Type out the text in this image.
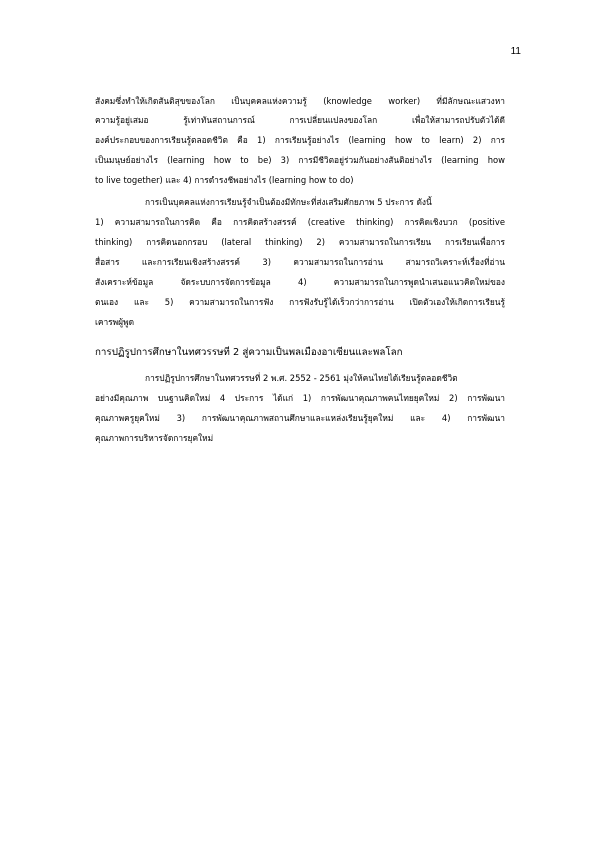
11
สังคมซึ่งทำให้เกิดสันติสุขของโลก เป็นบุคคลแห่งความรู้ (knowledge worker) ที่มีลักษณะแสวงหา
ความรู้อยู่เสมอ รู้เท่าทันสถานการณ์ การเปลี่ยนแปลงของโลก เพื่อให้สามารถปรับตัวได้ดี
องค์ประกอบของการเรียนรู้ตลอดชีวิต คือ 1) การเรียนรู้อย่างไร (learning how to learn) 2) การ
เป็นมนุษย์อย่างไร (learning how to be) 3) การมีชีวิตอยู่ร่วมกันอย่างสันติอย่างไร (learning how
to live together) และ 4) การดำรงชีพอย่างไร (learning how to do)
การเป็นบุคคลแห่งการเรียนรู้จำเป็นต้องมีทักษะที่ส่งเสริมศักยภาพ 5 ประการ ดังนี้
1) ความสามารถในการคิด คือ การคิดสร้างสรรค์ (creative thinking) การคิดเชิงบวก (positive
thinking) การคิดนอกกรอบ (lateral thinking) 2) ความสามารถในการเรียน การเรียนเพื่อการ
สื่อสาร และการเรียนเชิงสร้างสรรค์ 3) ความสามารถในการอ่าน สามารถวิเคราะห์เรื่องที่อ่าน
สังเคราะห์ข้อมูล จัดระบบการจัดการข้อมูล 4) ความสามารถในการพูดนำเสนอแนวคิดใหม่ของ
ตนเอง และ 5) ความสามารถในการฟัง การฟังรับรู้ได้เร็วกว่าการอ่าน เปิดตัวเองให้เกิดการเรียนรู้
เคารพผู้พูด
การปฏิรูปการศึกษาในทศวรรษที่ 2 สู่ความเป็นพลเมืองอาเซียนและพลโลก
การปฏิรูปการศึกษาในทศวรรษที่ 2 พ.ศ. 2552 - 2561 มุ่งให้คนไทยได้เรียนรู้ตลอดชีวิต
อย่างมีคุณภาพ บนฐานคิดใหม่ 4 ประการ ได้แก่ 1) การพัฒนาคุณภาพคนไทยยุคใหม่ 2) การพัฒนา
คุณภาพครูยุคใหม่ 3) การพัฒนาคุณภาพสถานศึกษาและแหล่งเรียนรู้ยุคใหม่ และ 4) การพัฒนา
คุณภาพการบริหารจัดการยุคใหม่
